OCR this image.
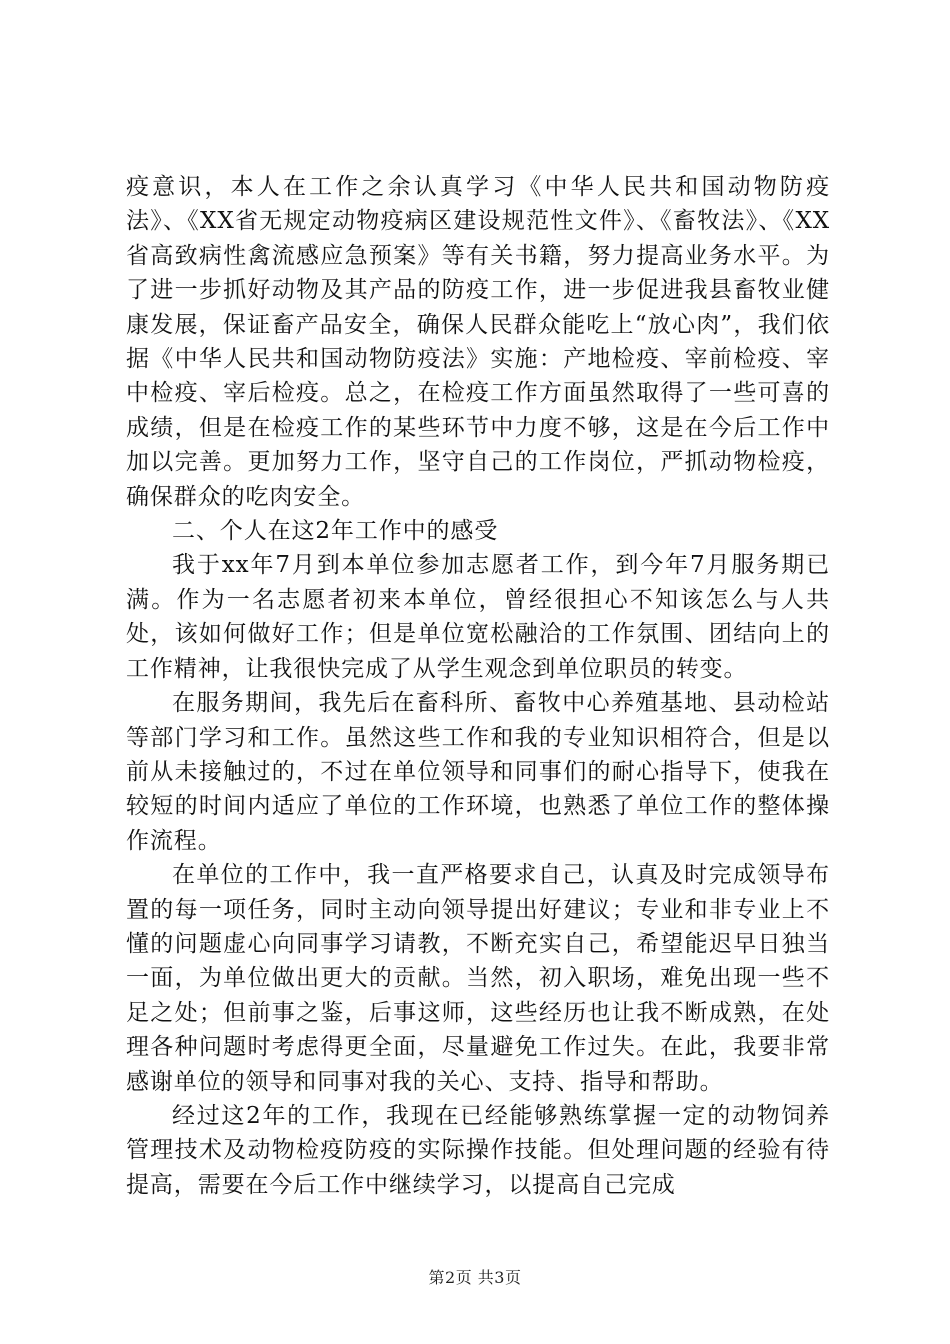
疫意识，本人在工作之余认真学习《中华人民共和国动物防疫法》、《XX省无规定动物疫病区建设规范性文件》、《畜牧法》、《XX省高致病性禽流感应急预案》等有关书籍，努力提高业务水平。为了进一步抓好动物及其产品的防疫工作，进一步促进我县畜牧业健康发展，保证畜产品安全，确保人民群众能吃上“放心肉”，我们依据《中华人民共和国动物防疫法》实施：产地检疫、宰前检疫、宰中检疫、宰后检疫。总之，在检疫工作方面虽然取得了一些可喜的成绩，但是在检疫工作的某些环节中力度不够，这是在今后工作中加以完善。更加努力工作，坚守自己的工作岗位，严抓动物检疫，确保群众的吃肉安全。

二、个人在这2年工作中的感受

我于xx年7月到本单位参加志愿者工作，到今年7月服务期已满。作为一名志愿者初来本单位，曾经很担心不知该怎么与人共处，该如何做好工作；但是单位宽松融洽的工作氛围、团结向上的工作精神，让我很快完成了从学生观念到单位职员的转变。

在服务期间，我先后在畜科所、畜牧中心养殖基地、县动检站等部门学习和工作。虽然这些工作和我的专业知识相符合，但是以前从未接触过的，不过在单位领导和同事们的耐心指导下，使我在较短的时间内适应了单位的工作环境，也熟悉了单位工作的整体操作流程。

在单位的工作中，我一直严格要求自己，认真及时完成领导布置的每一项任务，同时主动向领导提出好建议；专业和非专业上不懂的问题虚心向同事学习请教，不断充实自己，希望能迟早日独当一面，为单位做出更大的贡献。当然，初入职场，难免出现一些不足之处；但前事之鉴，后事这师，这些经历也让我不断成熟，在处理各种问题时考虑得更全面，尽量避免工作过失。在此，我要非常感谢单位的领导和同事对我的关心、支持、指导和帮助。

经过这2年的工作，我现在已经能够熟练掌握一定的动物饲养管理技术及动物检疫防疫的实际操作技能。但处理问题的经验有待提高，需要在今后工作中继续学习，以提高自己完成

第2页 共3页
